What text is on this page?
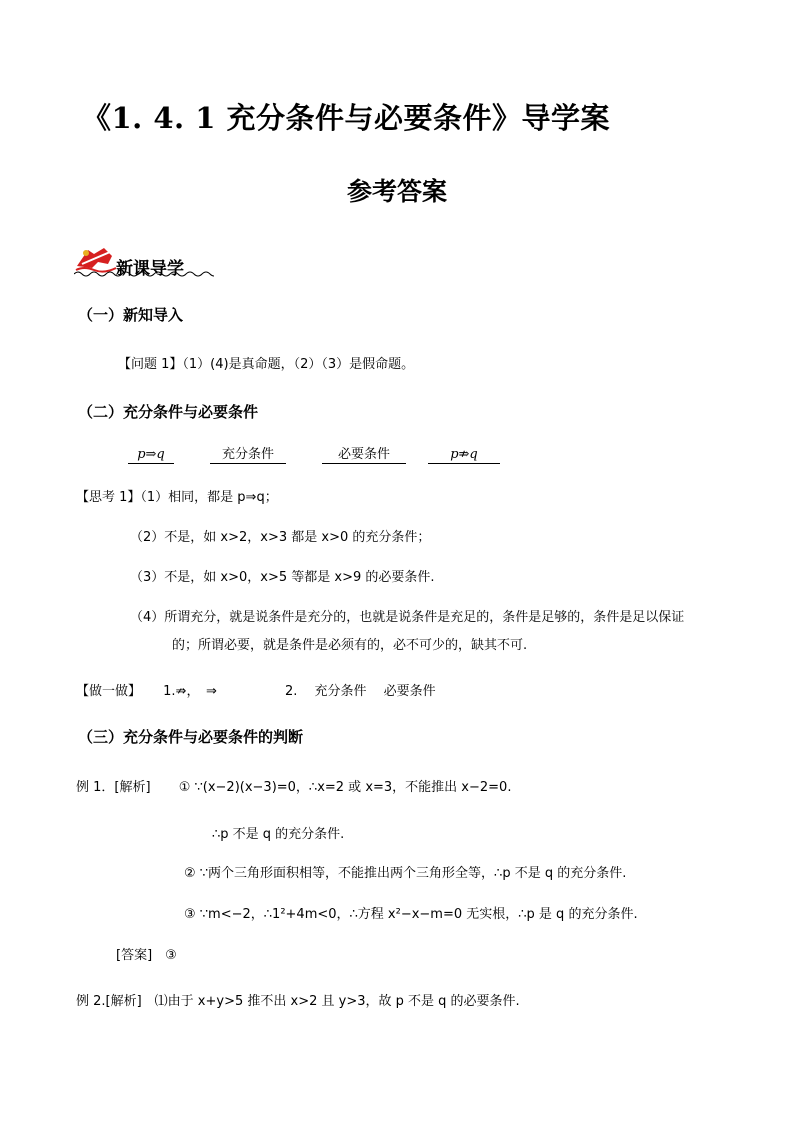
《1. 4. 1 充分条件与必要条件》导学案
参考答案
新课导学
（一）新知导入
【问题 1】（1）(4)是真命题，（2）（3）是假命题。
（二）充分条件与必要条件
p⇒q	充分条件	必要条件	p⇏q
【思考 1】（1）相同，都是 p⇒q；
（2）不是，如 x>2，x>3 都是 x>0 的充分条件；
（3）不是，如 x>0，x>5 等都是 x>9 的必要条件.
（4）所谓充分，就是说条件是充分的，也就是说条件是充足的，条件是足够的，条件是足以保证
的；所谓必要，就是条件是必须有的，必不可少的，缺其不可.
【做一做】 1.⇏，　⇒	2.　 充分条件　 必要条件
（三）充分条件与必要条件的判断
例 1．[解析] ① ∵(x−2)(x−3)=0，∴x=2 或 x=3，不能推出 x−2=0.
∴p 不是 q 的充分条件.
② ∵两个三角形面积相等，不能推出两个三角形全等，∴p 不是 q 的充分条件.
③ ∵m<−2，∴1²+4m<0，∴方程 x²−x−m=0 无实根，∴p 是 q 的充分条件.
[答案]　③
例 2.[解析]　⑴由于 x+y>5 推不出 x>2 且 y>3，故 p 不是 q 的必要条件.
